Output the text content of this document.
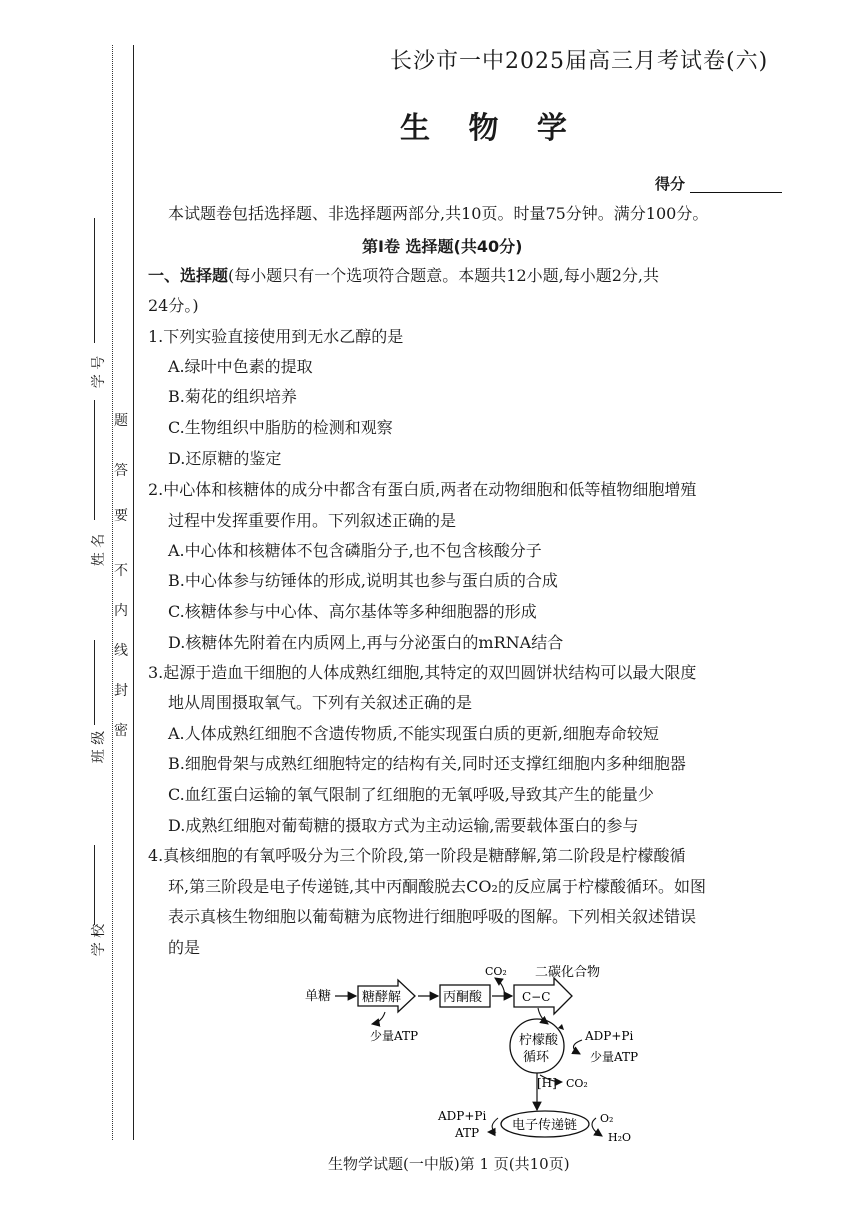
密
封
线
内
不
要
答
题
学 校
班 级
姓 名
学 号
长沙市一中2025届高三月考试卷(六)
生 物 学
得分
本试题卷包括选择题、非选择题两部分,共10页。时量75分钟。满分100分。
第Ⅰ卷 选择题(共40分)
一、选择题(每小题只有一个选项符合题意。本题共12小题,每小题2分,共
24分。)
1.下列实验直接使用到无水乙醇的是
A.绿叶中色素的提取
B.菊花的组织培养
C.生物组织中脂肪的检测和观察
D.还原糖的鉴定
2.中心体和核糖体的成分中都含有蛋白质,两者在动物细胞和低等植物细胞增殖
过程中发挥重要作用。下列叙述正确的是
A.中心体和核糖体不包含磷脂分子,也不包含核酸分子
B.中心体参与纺锤体的形成,说明其也参与蛋白质的合成
C.核糖体参与中心体、高尔基体等多种细胞器的形成
D.核糖体先附着在内质网上,再与分泌蛋白的mRNA结合
3.起源于造血干细胞的人体成熟红细胞,其特定的双凹圆饼状结构可以最大限度
地从周围摄取氧气。下列有关叙述正确的是
A.人体成熟红细胞不含遗传物质,不能实现蛋白质的更新,细胞寿命较短
B.细胞骨架与成熟红细胞特定的结构有关,同时还支撑红细胞内多种细胞器
C.血红蛋白运输的氧气限制了红细胞的无氧呼吸,导致其产生的能量少
D.成熟红细胞对葡萄糖的摄取方式为主动运输,需要载体蛋白的参与
4.真核细胞的有氧呼吸分为三个阶段,第一阶段是糖酵解,第二阶段是柠檬酸循
环,第三阶段是电子传递链,其中丙酮酸脱去CO₂的反应属于柠檬酸循环。如图
表示真核生物细胞以葡萄糖为底物进行细胞呼吸的图解。下列相关叙述错误
的是
单糖 糖酵解
少量ATP
丙酮酸
CO₂ 二碳化合物
C−C
柠檬酸
循环
ADP+Pi
少量ATP
[H] CO₂
电子传递链
ADP+Pi
ATP
O₂
H₂O
生物学试题(一中版)第 1 页(共10页)
